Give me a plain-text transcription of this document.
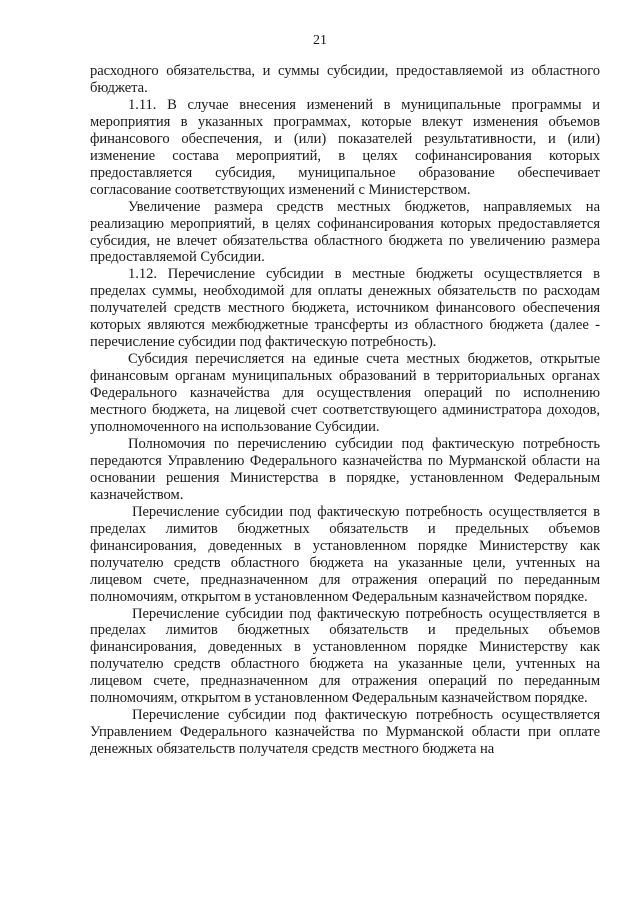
21

расходного обязательства, и суммы субсидии, предоставляемой из областного бюджета.

1.11. В случае внесения изменений в муниципальные программы и мероприятия в указанных программах, которые влекут изменения объемов финансового обеспечения, и (или) показателей результативности, и (или) изменение состава мероприятий, в целях софинансирования которых предоставляется субсидия, муниципальное образование обеспечивает согласование соответствующих изменений с Министерством.

Увеличение размера средств местных бюджетов, направляемых на реализацию мероприятий, в целях софинансирования которых предоставляется субсидия, не влечет обязательства областного бюджета по увеличению размера предоставляемой Субсидии.

1.12. Перечисление субсидии в местные бюджеты осуществляется в пределах суммы, необходимой для оплаты денежных обязательств по расходам получателей средств местного бюджета, источником финансового обеспечения которых являются межбюджетные трансферты из областного бюджета (далее - перечисление субсидии под фактическую потребность).

Субсидия перечисляется на единые счета местных бюджетов, открытые финансовым органам муниципальных образований в территориальных органах Федерального казначейства для осуществления операций по исполнению местного бюджета, на лицевой счет соответствующего администратора доходов, уполномоченного на использование Субсидии.

Полномочия по перечислению субсидии под фактическую потребность передаются Управлению Федерального казначейства по Мурманской области на основании решения Министерства в порядке, установленном Федеральным казначейством.

Перечисление субсидии под фактическую потребность осуществляется в пределах лимитов бюджетных обязательств и предельных объемов финансирования, доведенных в установленном порядке Министерству как получателю средств областного бюджета на указанные цели, учтенных на лицевом счете, предназначенном для отражения операций по переданным полномочиям, открытом в установленном Федеральным казначейством порядке.

Перечисление субсидии под фактическую потребность осуществляется в пределах лимитов бюджетных обязательств и предельных объемов финансирования, доведенных в установленном порядке Министерству как получателю средств областного бюджета на указанные цели, учтенных на лицевом счете, предназначенном для отражения операций по переданным полномочиям, открытом в установленном Федеральным казначейством порядке.

Перечисление субсидии под фактическую потребность осуществляется Управлением Федерального казначейства по Мурманской области при оплате денежных обязательств получателя средств местного бюджета на
